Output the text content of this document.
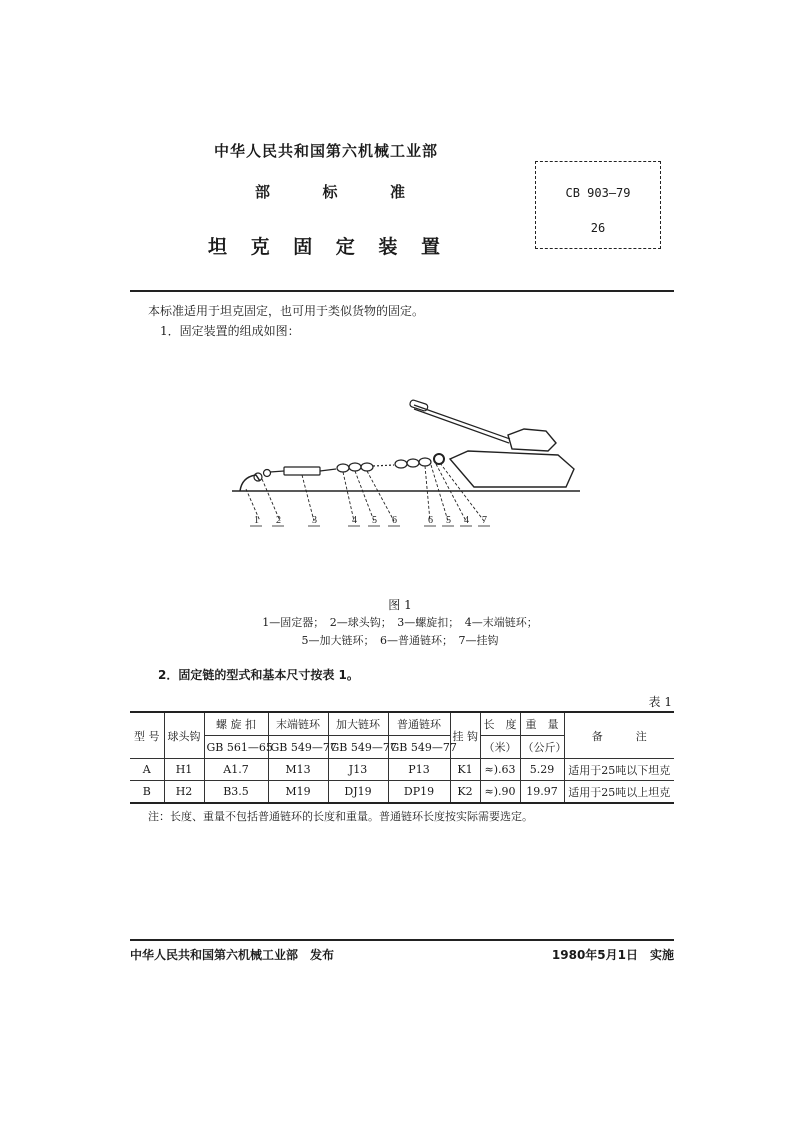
中华人民共和国第六机械工业部
部　标　准
坦　克　固　定　装　置
CB 903—79
26
本标准适用于坦克固定，也可用于类似货物的固定。
1．固定装置的组成如图：
1 2	3	4 5 6	6 5 4 7
图 1
1—固定器；　2—球头钩；　3—螺旋扣；　4—末端链环；
5—加大链环；　6—普通链环；　7—挂钩
2．固定链的型式和基本尺寸按表 1。
表 1
型 号	球头钩	螺 旋 扣	末端链环	加大链环	普通链环	挂 钩	长　度	重　量	备　　　注
		GB 561—65	GB 549—77	GB 549—77	GB 549—77		（米）	（公斤）	
A	H1	A1.7	M13	J13	P13	K1	≈).63	5.29	适用于25吨以下坦克
B	H2	B3.5	M19	DJ19	DP19	K2	≈).90	19.97	适用于25吨以上坦克
注：长度、重量不包括普通链环的长度和重量。普通链环长度按实际需要选定。
中华人民共和国第六机械工业部　发布	1980年5月1日　实施
